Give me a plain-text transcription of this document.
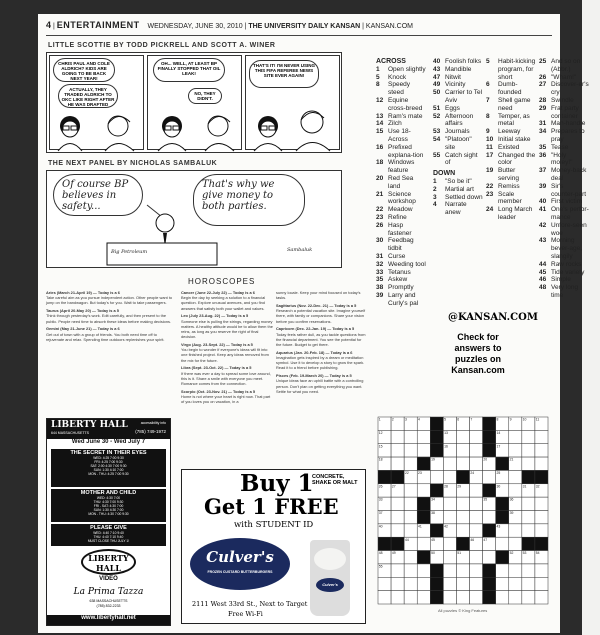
4 | ENTERTAINMENT WEDNESDAY, JUNE 30, 2010 | THE UNIVERSITY DAILY KANSAN | KANSAN.COM
LITTLE SCOTTIE BY TODD PICKRELL AND SCOTT A. WINER
CHRIS PAUL AND COLE ALDRICH? KIDS ARE GOING TO BE BACK NEXT YEAR!
ACTUALLY, THEY TRADED ALDRICH TO OKC LIKE RIGHT AFTER HE WAS DRAFTED
OH... WELL, AT LEAST BP FINALLY STOPPED THAT OIL LEAK!
NO, THEY DIDN'T.
THAT'S IT! I'M NEVER USING THIS FIFA REFEREE NEWS SITE EVER AGAIN!
THE NEXT PANEL BY NICHOLAS SAMBALUK
Of course BP believes in safety...
That's why we give money to both parties.
Big Petroleum	Sambaluk
HOROSCOPES

Aries (March 21-April 19) — Today is a 6
Take careful aim as you pursue independent action. Other people want to jump on the bandwagon. But today's for you. Wait to take passengers.

Taurus (April 20-May 20) — Today is a 5
Think through yesterday's work. Edit carefully, and then present to the public. People need time to absorb these ideas before making decisions.

Gemini (May 21-June 21) — Today is a 6
Get out of town with a group of friends. You both need time off to rejuvenate and relax. Spending time outdoors replenishes your spirit.

Cancer (June 22-July 22) — Today is a 6
Begin the day by seeking a solution to a financial question. Explore unusual avenues, and you find answers that satisfy both your wallet and values.

Leo (July 23-Aug. 22) — Today is a 5
Someone else is pulling the strings, regarding money matters. A healthy attitude would be to allow them the reins, as long as you reserve the right of final decision.

Virgo (Aug. 23-Sept. 22) — Today is a 5
You begin to wonder if everyone's ideas will fit into one finished project. Keep any ideas removed from the mix for the future.

Libra (Sept. 23-Oct. 22) — Today is a 5
If there was ever a day to spread some love around, this is it. Share a smile with everyone you meet. Romance comes from the connection.

Scorpio (Oct. 23-Nov. 21) — Today is a 5
Home is not where your heart is right now. That part of you loves you on vacation, in a

sunny locale. Keep your mind focused on today's tasks.

Sagittarius (Nov. 22-Dec. 21) — Today is a 5
Research a potential vacation site. Imagine yourself there, with family or companions. Share your vision before you confirm reservations.

Capricorn (Dec. 22-Jan. 19) — Today is a 5
Today feels rather dull, as you tackle questions from the financial department. You see the potential for the future. Budget to get there.

Aquarius (Jan. 20-Feb. 18) — Today is a 6
Imagination gets inspired by a dream or meditation symbol. Use it to develop a story to grow the spark. Read it to a friend before publishing.

Pisces (Feb. 19-March 20) — Today is a 5
Unique ideas face an uphill battle with a controlling person. Don't plan on getting everything you want. Settle for what you need.

LIBERTY HALL
644 MASSACHUSETTS
accessibility info
(785) 749-1972
Wed June 30 - Wed July 7
THE SECRET IN THEIR EYES
WED: 4:25 7:00 9:30
FRI: 4:25 7:00 9:30
SAT: 2:00 4:30 7:00 9:30
SUN: 1:30 4:10 7:00
MON - THU: 4:25 7:00 9:30
MOTHER AND CHILD
WED: 4:30 7:00
THU: 4:30 7:00 9:30
FRI - SAT: 4:30 7:00
SUN: 1:30 4:30 7:00
MON - THU: 4:30 7:00 9:30
PLEASE GIVE
WED: 4:40 7:10 9:40
THU: 4:40 7:10 9:40
MUST CLOSE THU JULY 1!
LIBERTY
HALL
VIDEO
La Prima Tazza
638 MASSACHUSETTS
(785) 832-2233
www.libertyhall.net
Buy 1
CONCRETE, SHAKE OR MALT
Get 1 FREE
with STUDENT ID
Culver's
FROZEN CUSTARD BUTTERBURGERS
Culver's
2111 West 33rd St., Next to Target
Free Wi-Fi
ACROSS
1	Open slightly
5	Knock
8	Speedy steed
12 Equine cross-breed
13 Ram's mate
14 Zilch
15 Use 18-Across
16 Prefixed explana-tion
18 Windows feature
20 Red Sea land
21 Science workshop
22 Meadow
23 Refine
26 Hasp fastener
30 Feedbag tidbit
31 Curse
32 Weeding tool
33 Tetanus
35 Askew
38 Promptly
39 Larry and Curly's pal
40 Foolish folks
43 Mandible
47 Nitwit
49 Vicinity
50 Carrier to Tel Aviv
51 Eggs
52 Afternoon affairs
53 Journals
54 "Platoon" site
55 Catch sight of
DOWN
1	"So be it"
2	Martial art
3	Settled down
4	Narrate anew
5	Habit-kicking program, for short
6	Dumb-founded
7	Shell game need
8	Temper, as metal
9	Leeway
10 Initial stake
11 Existed
17 Changed the color
19 Butter serving
22 Remiss
23 Scale member
24 Long March leader
25 And so on (Abbr.)
26 "Wham!"
27 Discover-er's cry
28 Swindle
29 Frat party container
31 Man-handle
34 Prepares to pray
35 Tease
36 "Holy moley!"
37 Money-back deal
39 Sir's counter-part
40 First victim
41 One's perfor-mance
42 Unfore-seen woe
43 Morning bever-age, slangily
44 Raw rocks
45 Tide variety
46 Simple
48 Very long time
@KANSAN.COM
Check for answers to puzzles on Kansan.com
1	2	3	4	5	6	7	8	9	10	11
12	13	14
15	16	17
18	19	20	21
22	23	24	25
26	27	28	29	30	31	32
33	34	35	36
37	38	39
40	41	42	43
44	45	46	47
48	49	50	51	52	53	54
55
All puzzles © King Features
